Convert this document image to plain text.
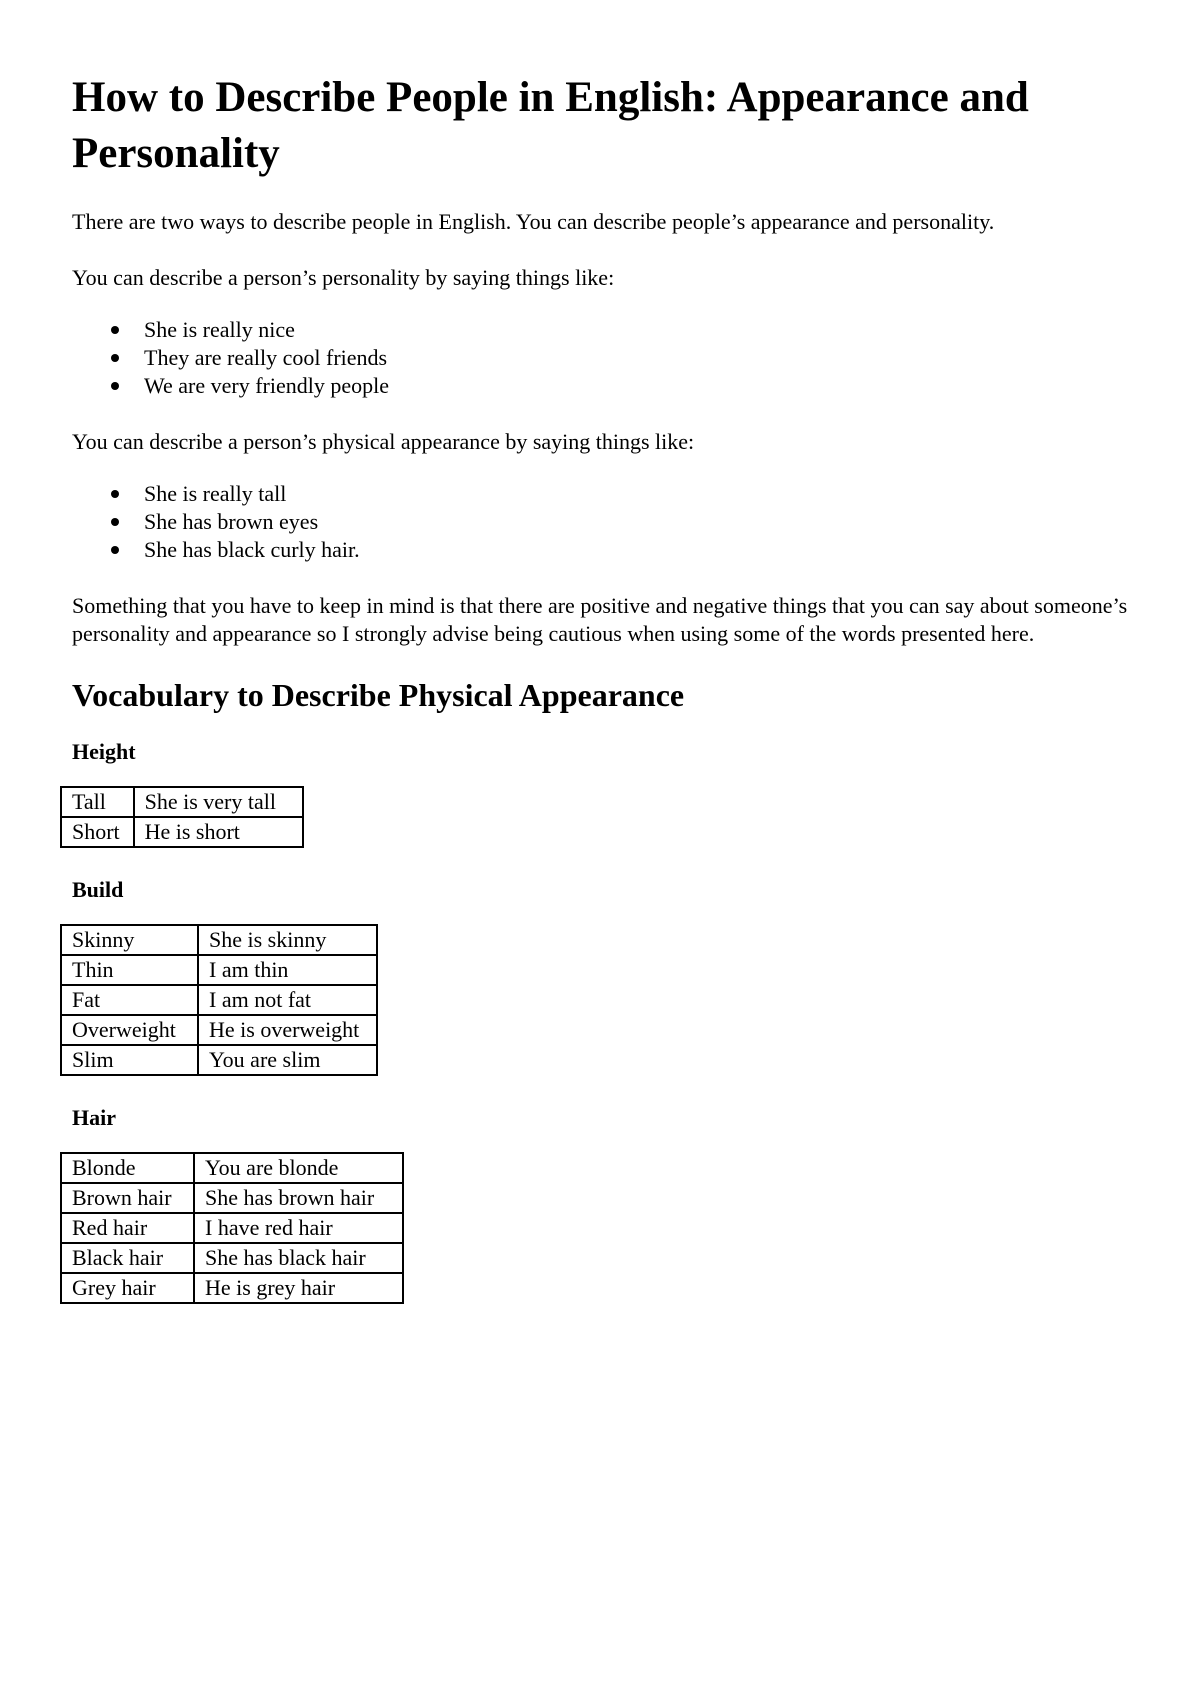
How to Describe People in English: Appearance and Personality

There are two ways to describe people in English. You can describe people’s appearance and personality.

You can describe a person’s personality by saying things like:

She is really nice
They are really cool friends
We are very friendly people

You can describe a person’s physical appearance by saying things like:

She is really tall
She has brown eyes
She has black curly hair.

Something that you have to keep in mind is that there are positive and negative things that you can say about someone’s personality and appearance so I strongly advise being cautious when using some of the words presented here.

Vocabulary to Describe Physical Appearance
Height
Tall	She is very tall
Short	He is short
Build
Skinny	She is skinny
Thin	I am thin
Fat	I am not fat
Overweight	He is overweight
Slim	You are slim
Hair
Blonde	You are blonde
Brown hair	She has brown hair
Red hair	I have red hair
Black hair	She has black hair
Grey hair	He is grey hair
